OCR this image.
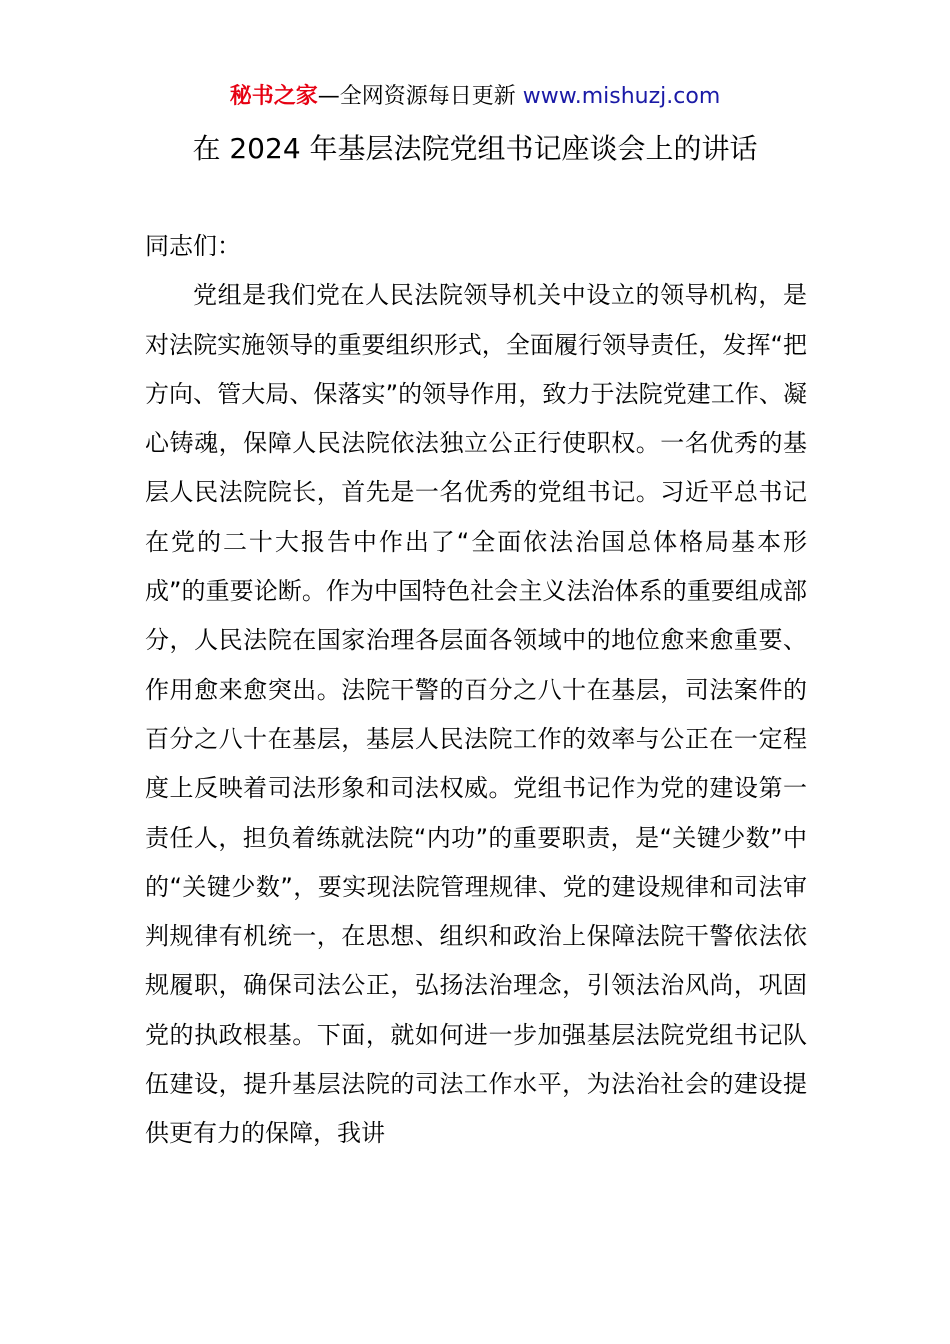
秘书之家—全网资源每日更新 www.mishuzj.com
在 2024 年基层法院党组书记座谈会上的讲话

同志们：

党组是我们党在人民法院领导机关中设立的领导机构，是对法院实施领导的重要组织形式，全面履行领导责任，发挥“把方向、管大局、保落实”的领导作用，致力于法院党建工作、凝心铸魂，保障人民法院依法独立公正行使职权。一名优秀的基层人民法院院长，首先是一名优秀的党组书记。习近平总书记在党的二十大报告中作出了“全面依法治国总体格局基本形成”的重要论断。作为中国特色社会主义法治体系的重要组成部分，人民法院在国家治理各层面各领域中的地位愈来愈重要、作用愈来愈突出。法院干警的百分之八十在基层，司法案件的百分之八十在基层，基层人民法院工作的效率与公正在一定程度上反映着司法形象和司法权威。党组书记作为党的建设第一责任人，担负着练就法院“内功”的重要职责，是“关键少数”中的“关键少数”，要实现法院管理规律、党的建设规律和司法审判规律有机统一，在思想、组织和政治上保障法院干警依法依规履职，确保司法公正，弘扬法治理念，引领法治风尚，巩固党的执政根基。下面，就如何进一步加强基层法院党组书记队伍建设，提升基层法院的司法工作水平，为法治社会的建设提供更有力的保障，我讲
